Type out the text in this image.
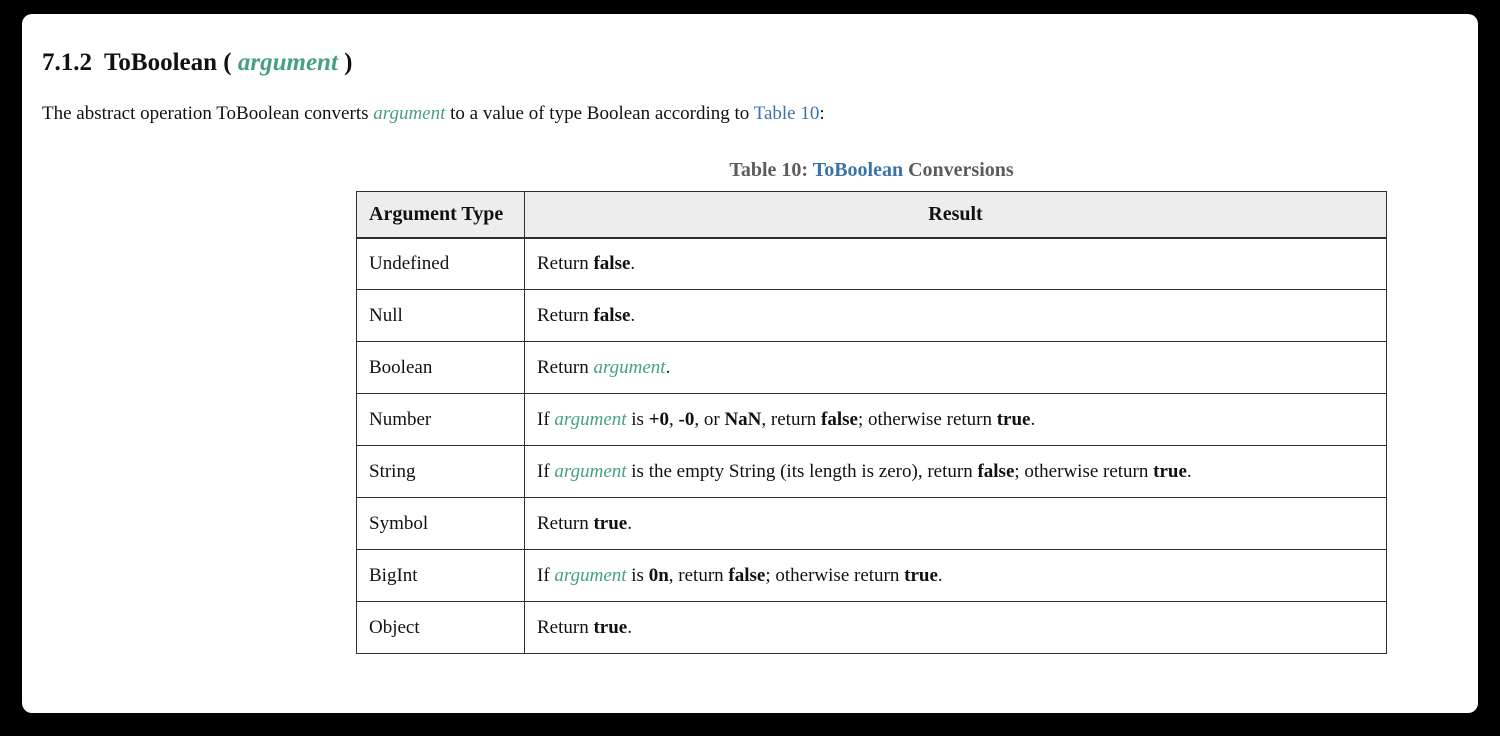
7.1.2  ToBoolean ( argument )

The abstract operation ToBoolean converts argument to a value of type Boolean according to Table 10:

Table 10: ToBoolean Conversions
Argument Type	Result
Undefined	Return false.
Null	Return false.
Boolean	Return argument.
Number	If argument is +0, -0, or NaN, return false; otherwise return true.
String	If argument is the empty String (its length is zero), return false; otherwise return true.
Symbol	Return true.
BigInt	If argument is 0n, return false; otherwise return true.
Object	Return true.
